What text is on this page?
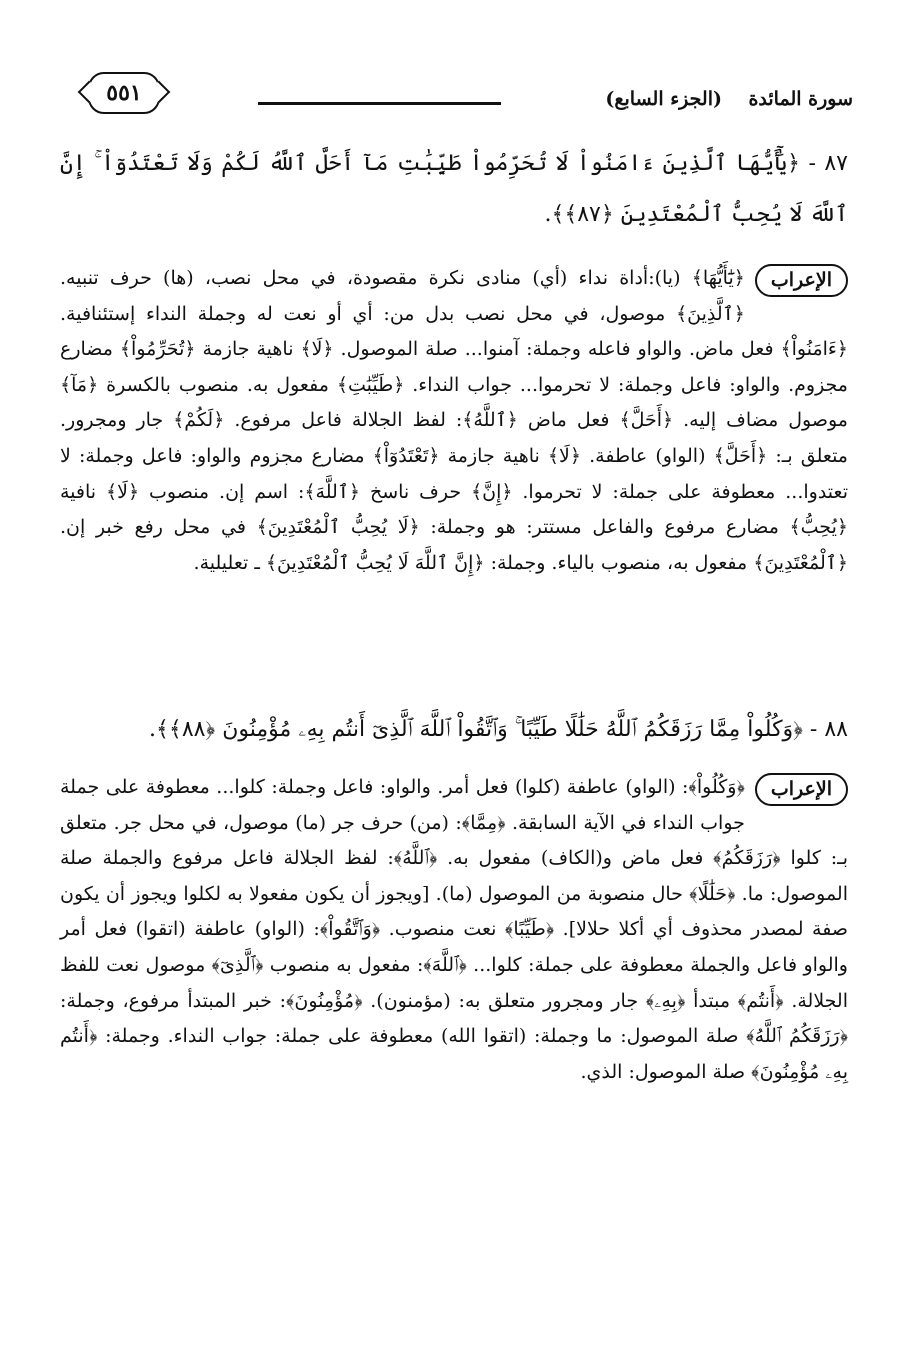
سورة المائدة    (الجزء السابع)
٥٥١
٨٧ - ﴿يَٰٓأَيُّهَا ٱلَّذِينَ ءَامَنُواْ لَا تُحَرِّمُواْ طَيِّبَٰتِ مَآ أَحَلَّ ٱللَّهُ لَكُمْ وَلَا تَعْتَدُوٓاْ ۚ إِنَّ ٱللَّهَ لَا يُحِبُّ ٱلْمُعْتَدِينَ ﴿٨٧﴾﴾.
الإعراب
﴿يَٰٓأَيُّهَا﴾ (يا):أداة نداء (أي) منادى نكرة مقصودة، في محل نصب، (ها) حرف تنبيه. ﴿ٱلَّذِينَ﴾ موصول، في محل نصب بدل من: أي أو نعت له وجملة النداء إستئنافية. ﴿ءَامَنُواْ﴾ فعل ماض. والواو فاعله وجملة: آمنوا... صلة الموصول. ﴿لَا﴾ ناهية جازمة ﴿تُحَرِّمُواْ﴾ مضارع مجزوم. والواو: فاعل وجملة: لا تحرموا... جواب النداء. ﴿طَيِّبَٰتِ﴾ مفعول به. منصوب بالكسرة ﴿مَآ﴾ موصول مضاف إليه. ﴿أَحَلَّ﴾ فعل ماض ﴿ٱللَّهُ﴾: لفظ الجلالة فاعل مرفوع. ﴿لَكُمْ﴾ جار ومجرور. متعلق بـ: ﴿أَحَلَّ﴾ (الواو) عاطفة. ﴿لَا﴾ ناهية جازمة ﴿تَعْتَدُوٓاْ﴾ مضارع مجزوم والواو: فاعل وجملة: لا تعتدوا... معطوفة على جملة: لا تحرموا. ﴿إِنَّ﴾ حرف ناسخ ﴿ٱللَّهَ﴾: اسم إن. منصوب ﴿لَا﴾ نافية ﴿يُحِبُّ﴾ مضارع مرفوع والفاعل مستتر: هو وجملة: ﴿لَا يُحِبُّ ٱلْمُعْتَدِينَ﴾ في محل رفع خبر إن. ﴿ٱلْمُعْتَدِينَ﴾ مفعول به، منصوب بالياء. وجملة: ﴿إِنَّ ٱللَّهَ لَا يُحِبُّ ٱلْمُعْتَدِينَ﴾ ـ تعليلية.
٨٨ - ﴿وَكُلُواْ مِمَّا رَزَقَكُمُ ٱللَّهُ حَلَٰلًا طَيِّبًا ۚ وَٱتَّقُواْ ٱللَّهَ ٱلَّذِىٓ أَنتُم بِهِۦ مُؤْمِنُونَ ﴿٨٨﴾﴾.
الإعراب
﴿وَكُلُواْ﴾: (الواو) عاطفة (كلوا) فعل أمر. والواو: فاعل وجملة: كلوا... معطوفة على جملة جواب النداء في الآية السابقة. ﴿مِمَّا﴾: (من) حرف جر (ما) موصول، في محل جر. متعلق بـ: كلوا ﴿رَزَقَكُمُ﴾ فعل ماض و(الكاف) مفعول به. ﴿ٱللَّهُ﴾: لفظ الجلالة فاعل مرفوع والجملة صلة الموصول: ما. ﴿حَلَٰلًا﴾ حال منصوبة من الموصول (ما). [ويجوز أن يكون مفعولا به لكلوا ويجوز أن يكون صفة لمصدر محذوف أي أكلا حلالا]. ﴿طَيِّبًا﴾ نعت منصوب. ﴿وَٱتَّقُواْ﴾: (الواو) عاطفة (اتقوا) فعل أمر والواو فاعل والجملة معطوفة على جملة: كلوا... ﴿ٱللَّهَ﴾: مفعول به منصوب ﴿ٱلَّذِىٓ﴾ موصول نعت للفظ الجلالة. ﴿أَنتُم﴾ مبتدأ ﴿بِهِۦ﴾ جار ومجرور متعلق به: (مؤمنون). ﴿مُؤْمِنُونَ﴾: خبر المبتدأ مرفوع، وجملة: ﴿رَزَقَكُمُ ٱللَّهُ﴾ صلة الموصول: ما وجملة: (اتقوا الله) معطوفة على جملة: جواب النداء. وجملة: ﴿أَنتُم بِهِۦ مُؤْمِنُونَ﴾ صلة الموصول: الذي.
